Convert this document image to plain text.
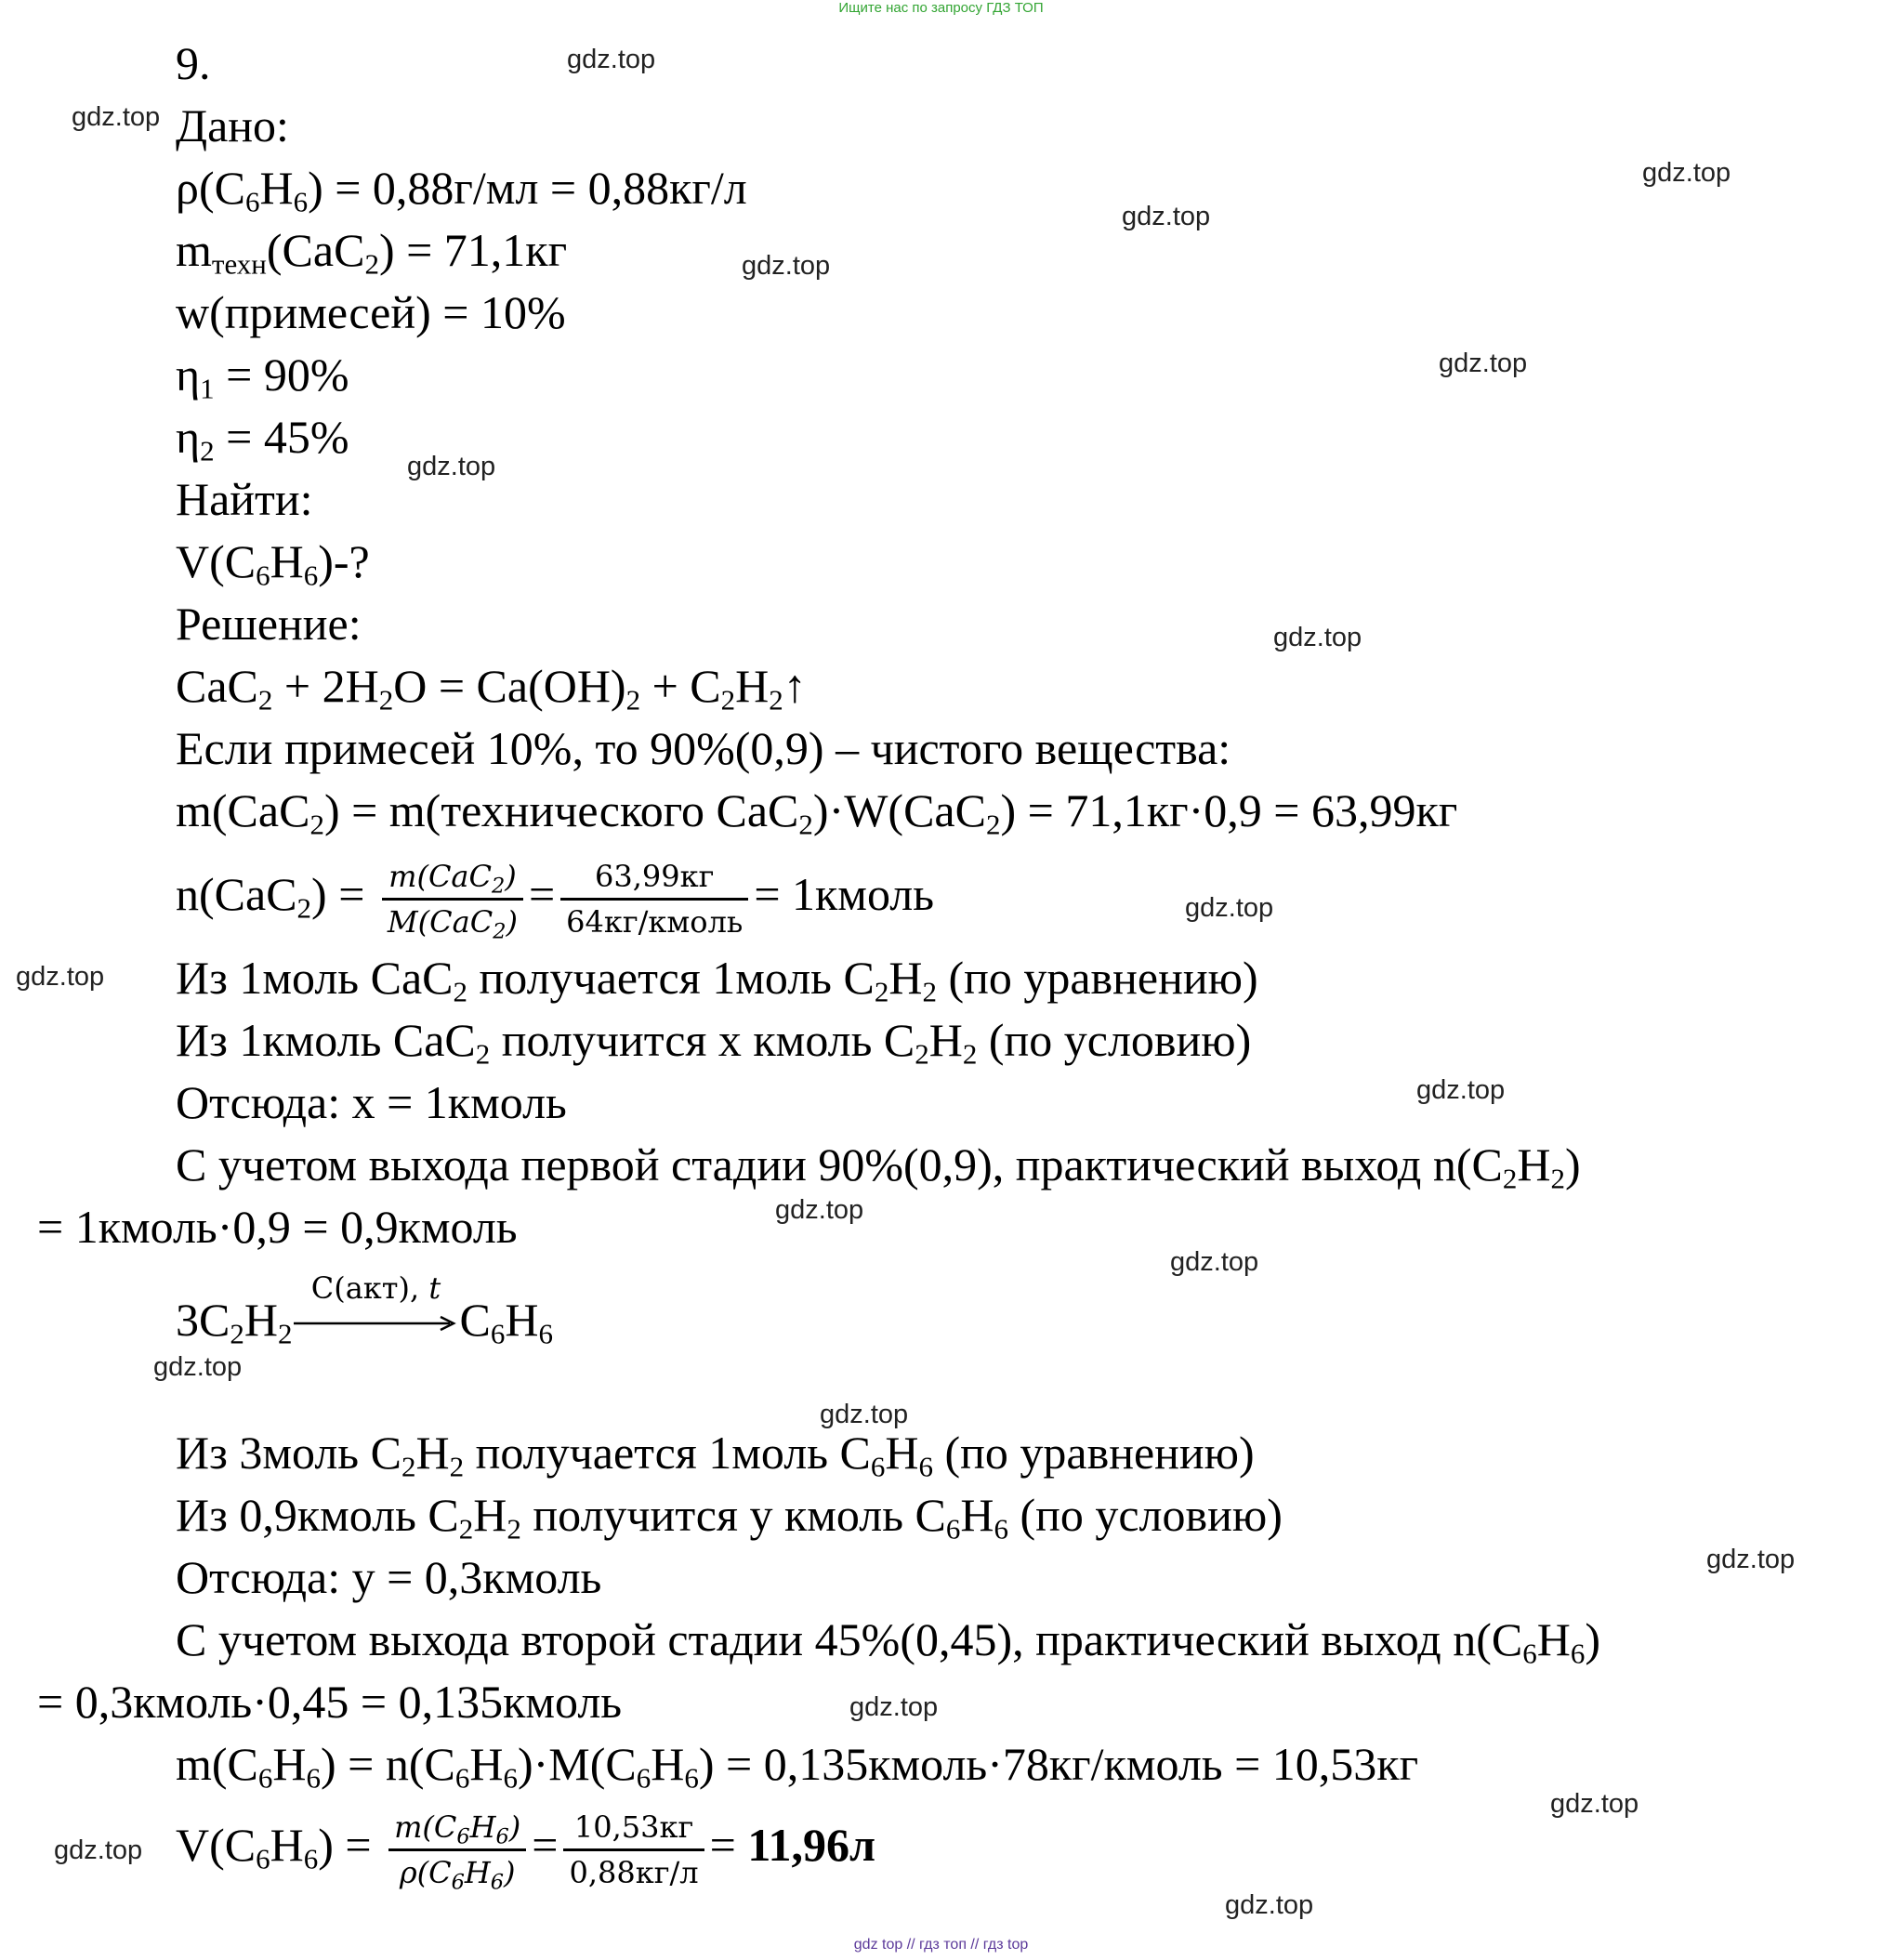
Ищите нас по запросу ГДЗ ТОП
gdz.top
gdz.top
gdz.top
gdz.top
gdz.top
gdz.top
gdz.top
gdz.top
gdz.top
gdz.top
gdz.top
gdz.top
gdz.top
gdz.top
gdz.top
gdz.top
gdz.top
gdz.top
gdz.top
gdz.top
9.
Дано:
$\rho(C_6H_6) = 0,88г/мл = 0,88кг/л$
$m_{техн}(CaC_2) = 71,1кг$
w(примесей) = 10%
$\eta_1 = 90\%$
$\eta_2 = 45\%$
Найти:
$V(C_6H_6)-$?
Решение:
$CaC_2 + 2H_2O = Ca(OH)_2$ + $C_2H_2↑$
Если примесей 10%, то 90%(0,9) – чистого вещества:
m(CaC$_2$) = m(технического CaC$_2$)·W(CaC$_2$) = 71,1кг·0,9 = 63,99кг
$n(CaC_2) = \frac{m(CaC_2)}{M(CaC_2)} = \frac{63,99кг}{\text{64кг/кмоль}}$ = 1кмоль
Из 1моль CaC$_2$ получается 1моль $C_2H_2$ (по уравнению)
Из 1кмоль CaC$_2$ получится x кмоль $C_2H_2$ (по условию)
Отсюда: x = 1кмоль
С учетом выхода первой стадии 90%(0,9), практический выход $n(C_2H_2)$
= 1кмоль·0,9 = 0,9кмоль
$3C_2H_2$
C(акт), t
$C_6H_6$
Из 3моль $C_2H_2$ получается 1моль $C_6H_6$ (по уравнению)
Из 0,9кмоль $C_2H_2$ получится y кмоль $C_6H_6$ (по условию)
Отсюда: y = 0,3кмоль
С учетом выхода второй стадии 45%(0,45), практический выход $n(C_6H_6)$
= 0,3кмоль·0,45 = 0,135кмоль
$m(C_6H_6) = n(C_6H_6)\cdot M(C_6H_6)$ = 0,135кмоль·78кг/кмоль = 10,53кг
$V(C_6H_6) = \frac{m(C_6H_6)}{\rho(C_6H_6)} = \frac{10,53кг}{0,88кг/л} = 11,96л$
gdz top // гдз топ // гдз top
